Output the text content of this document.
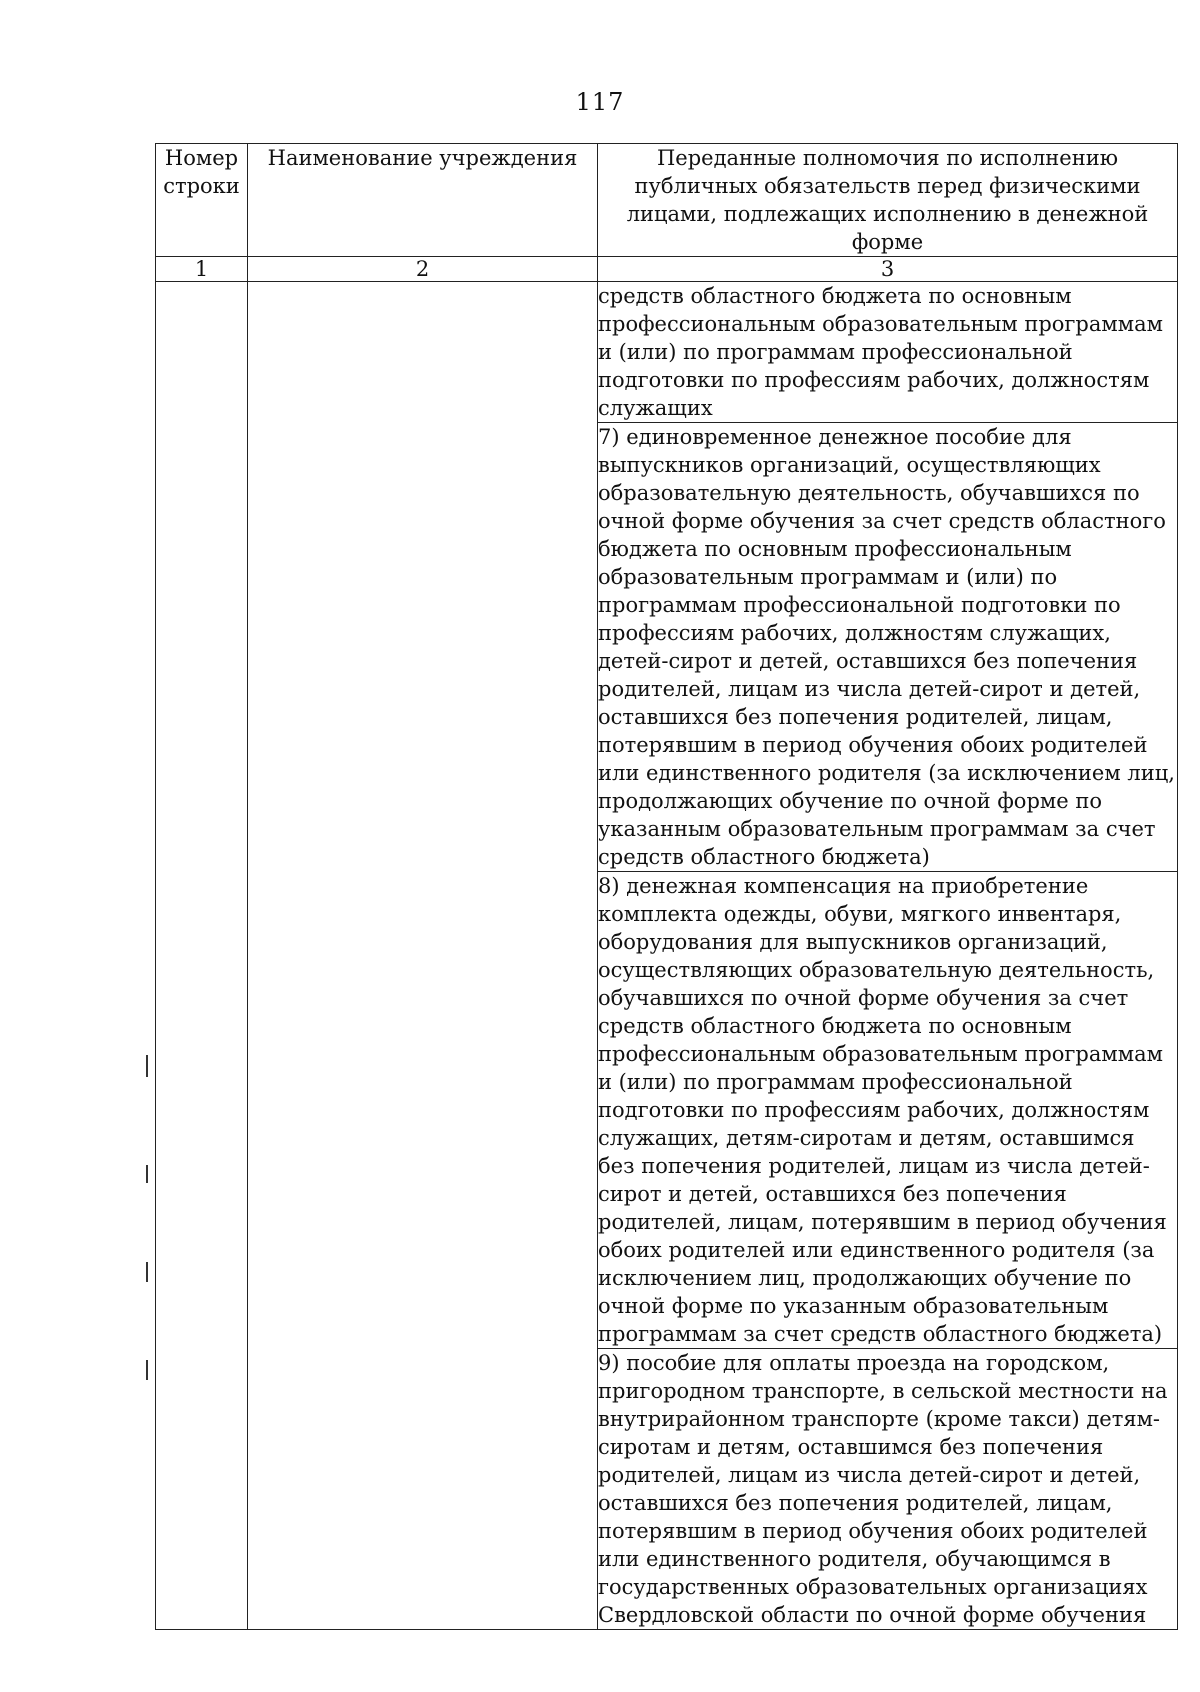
117
Номер строки	Наименование учреждения	Переданные полномочия по исполнению публичных обязательств перед физическими лицами, подлежащих исполнению в денежной форме

1	2	3

		средств областного бюджета по основным профессиональным образовательным программам и (или) по программам профессиональной подготовки по профессиям рабочих, должностям служащих

		7) единовременное денежное пособие для выпускников организаций, осуществляющих образовательную деятельность, обучавшихся по очной форме обучения за счет средств областного бюджета по основным профессиональным образовательным программам и (или) по программам профессиональной подготовки по профессиям рабочих, должностям служащих, детей-сирот и детей, оставшихся без попечения родителей, лицам из числа детей-сирот и детей, оставшихся без попечения родителей, лицам, потерявшим в период обучения обоих родителей или единственного родителя (за исключением лиц, продолжающих обучение по очной форме по указанным образовательным программам за счет средств областного бюджета)

		8) денежная компенсация на приобретение комплекта одежды, обуви, мягкого инвентаря, оборудования для выпускников организаций, осуществляющих образовательную деятельность, обучавшихся по очной форме обучения за счет средств областного бюджета по основным профессиональным образовательным программам и (или) по программам профессиональной подготовки по профессиям рабочих, должностям служащих, детям-сиротам и детям, оставшимся без попечения родителей, лицам из числа детей-сирот и детей, оставшихся без попечения родителей, лицам, потерявшим в период обучения обоих родителей или единственного родителя (за исключением лиц, продолжающих обучение по очной форме по указанным образовательным программам за счет средств областного бюджета)

		9) пособие для оплаты проезда на городском, пригородном транспорте, в сельской местности на внутрирайонном транспорте (кроме такси) детям-сиротам и детям, оставшимся без попечения родителей, лицам из числа детей-сирот и детей, оставшихся без попечения родителей, лицам, потерявшим в период обучения обоих родителей или единственного родителя, обучающимся в государственных образовательных организациях Свердловской области по очной форме обучения
